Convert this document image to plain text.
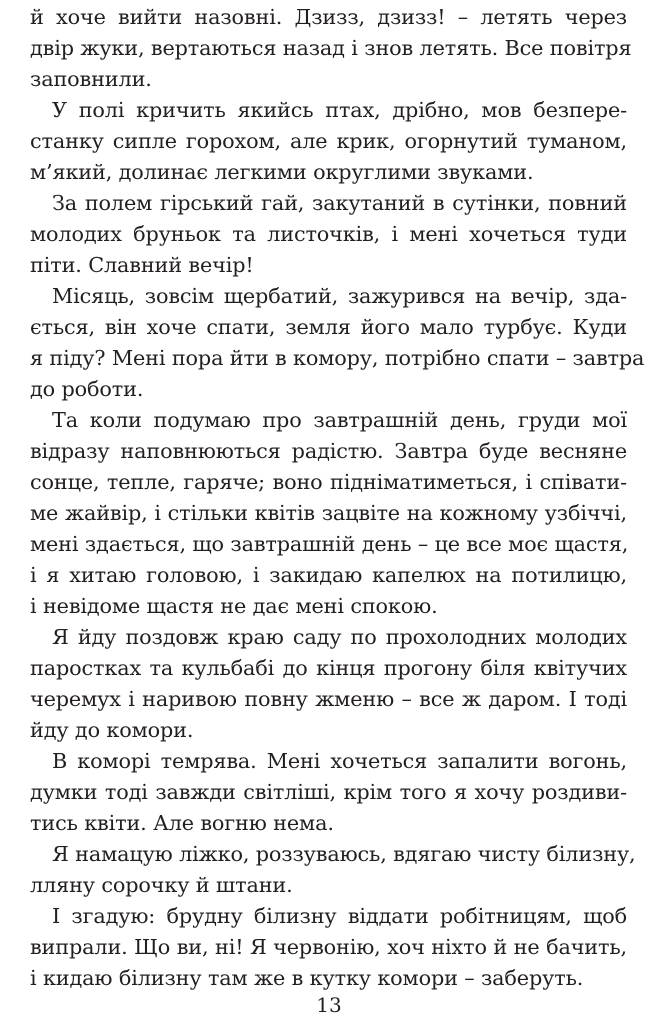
й хоче вийти назовні. Дзизз, дзизз! – летять через
двір жуки, вертаються назад і знов летять. Все повітря
заповнили.
У полі кричить якийсь птах, дрібно, мов безпере-
станку сипле горохом, але крик, огорнутий туманом,
м’який, долинає легкими округлими звуками.
За полем гірський гай, закутаний в сутінки, повний
молодих бруньок та листочків, і мені хочеться туди
піти. Славний вечір!
Місяць, зовсім щербатий, зажурився на вечір, зда-
ється, він хоче спати, земля його мало турбує. Куди
я піду? Мені пора йти в комору, потрібно спати – завтра
до роботи.
Та коли подумаю про завтрашній день, груди мої
відразу наповнюються радістю. Завтра буде весняне
сонце, тепле, гаряче; воно підніматиметься, і співати-
ме жайвір, і стільки квітів зацвіте на кожному узбіччі,
мені здається, що завтрашній день – це все моє щастя,
і я хитаю головою, і закидаю капелюх на потилицю,
і невідоме щастя не дає мені спокою.
Я йду поздовж краю саду по прохолодних молодих
паростках та кульбабі до кінця прогону біля квітучих
черемух і наривою повну жменю – все ж даром. І тоді
йду до комори.
В коморі темрява. Мені хочеться запалити вогонь,
думки тоді завжди світліші, крім того я хочу роздиви-
тись квіти. Але вогню нема.
Я намацую ліжко, роззуваюсь, вдягаю чисту білизну,
лляну сорочку й штани.
І згадую: брудну білизну віддати робітницям, щоб
випрали. Що ви, ні! Я червонію, хоч ніхто й не бачить,
і кидаю білизну там же в кутку комори – заберуть.
13
